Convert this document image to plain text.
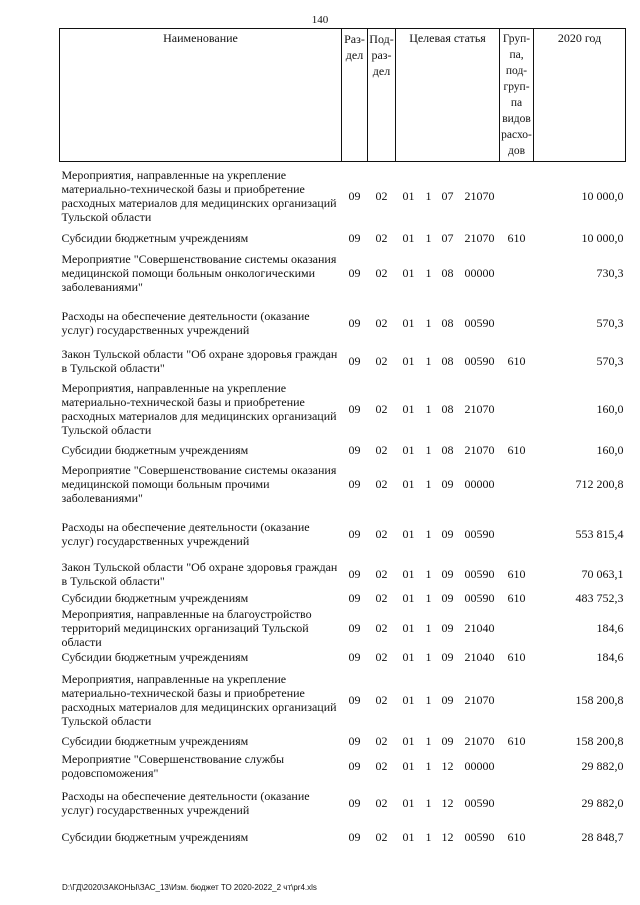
140
Наименование	Раз-дел	Под-раз-дел	Целевая статья				Груп-па, под-груп-па видов расхо-дов	2020 год
Мероприятия, направленные на укрепление материально-технической базы и приобретение расходных материалов для медицинских организаций Тульской области	09	02	01	1	07	21070		10 000,0
Субсидии бюджетным учреждениям	09	02	01	1	07	21070	610	10 000,0
Мероприятие "Совершенствование системы оказания медицинской помощи больным онкологическими заболеваниями"	09	02	01	1	08	00000		730,3
Расходы на обеспечение деятельности (оказание услуг) государственных учреждений	09	02	01	1	08	00590		570,3
Закон Тульской области "Об охране здоровья граждан в Тульской области"	09	02	01	1	08	00590	610	570,3
Мероприятия, направленные на укрепление материально-технической базы и приобретение расходных материалов для медицинских организаций Тульской области	09	02	01	1	08	21070		160,0
Субсидии бюджетным учреждениям	09	02	01	1	08	21070	610	160,0
Мероприятие "Совершенствование системы оказания медицинской помощи больным прочими заболеваниями"	09	02	01	1	09	00000		712 200,8
Расходы на обеспечение деятельности (оказание услуг) государственных учреждений	09	02	01	1	09	00590		553 815,4
Закон Тульской области "Об охране здоровья граждан в Тульской области"	09	02	01	1	09	00590	610	70 063,1
Субсидии бюджетным учреждениям	09	02	01	1	09	00590	610	483 752,3
Мероприятия, направленные на благоустройство территорий медицинских организаций Тульской области	09	02	01	1	09	21040		184,6
Субсидии бюджетным учреждениям	09	02	01	1	09	21040	610	184,6
Мероприятия, направленные на укрепление материально-технической базы и приобретение расходных материалов для медицинских организаций Тульской области	09	02	01	1	09	21070		158 200,8
Субсидии бюджетным учреждениям	09	02	01	1	09	21070	610	158 200,8
Мероприятие "Совершенствование службы родовспоможения"	09	02	01	1	12	00000		29 882,0
Расходы на обеспечение деятельности (оказание услуг) государственных учреждений	09	02	01	1	12	00590		29 882,0
Субсидии бюджетным учреждениям	09	02	01	1	12	00590	610	28 848,7
D:\ГД\2020\ЗАКОНЫ\ЗАС_13\Изм. бюджет ТО 2020-2022_2 чт\pr4.xls
